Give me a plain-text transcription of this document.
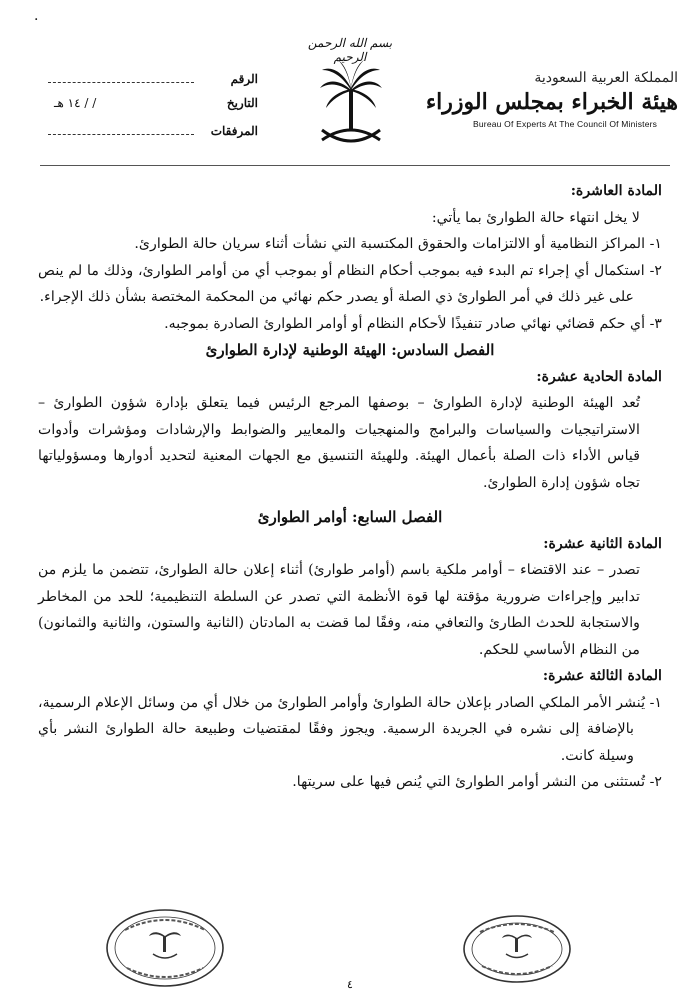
·
المملكة العربية السعودية
هيئة الخبراء بمجلس الوزراء
Bureau Of Experts At The Council Of Ministers
بسم الله الرحمن الرحيم
الرقم
التاريخ
١٤ هـ / /
المرفقات

المادة العاشرة:

لا يخل انتهاء حالة الطوارئ بما يأتي:

١- المراكز النظامية أو الالتزامات والحقوق المكتسبة التي نشأت أثناء سريان حالة الطوارئ.

٢- استكمال أي إجراء تم البدء فيه بموجب أحكام النظام أو بموجب أي من أوامر الطوارئ، وذلك ما لم ينص على غير ذلك في أمر الطوارئ ذي الصلة أو يصدر حكم نهائي من المحكمة المختصة بشأن ذلك الإجراء.

٣- أي حكم قضائي نهائي صادر تنفيذًا لأحكام النظام أو أوامر الطوارئ الصادرة بموجبه.

الفصل السادس: الهيئة الوطنية لإدارة الطوارئ

المادة الحادية عشرة:

تُعد الهيئة الوطنية لإدارة الطوارئ – بوصفها المرجع الرئيس فيما يتعلق بإدارة شؤون الطوارئ – الاستراتيجيات والسياسات والبرامج والمنهجيات والمعايير والضوابط والإرشادات ومؤشرات وأدوات قياس الأداء ذات الصلة بأعمال الهيئة. وللهيئة التنسيق مع الجهات المعنية لتحديد أدوارها ومسؤولياتها تجاه شؤون إدارة الطوارئ.

الفصل السابع: أوامر الطوارئ

المادة الثانية عشرة:

تصدر – عند الاقتضاء – أوامر ملكية باسم (أوامر طوارئ) أثناء إعلان حالة الطوارئ، تتضمن ما يلزم من تدابير وإجراءات ضرورية مؤقتة لها قوة الأنظمة التي تصدر عن السلطة التنظيمية؛ للحد من المخاطر والاستجابة للحدث الطارئ والتعافي منه، وفقًا لما قضت به المادتان (الثانية والستون، والثانية والثمانون) من النظام الأساسي للحكم.

المادة الثالثة عشرة:

١- يُنشر الأمر الملكي الصادر بإعلان حالة الطوارئ وأوامر الطوارئ من خلال أي من وسائل الإعلام الرسمية، بالإضافة إلى نشره في الجريدة الرسمية. ويجوز وفقًا لمقتضيات وطبيعة حالة الطوارئ النشر بأي وسيلة كانت.

٢- تُستثنى من النشر أوامر الطوارئ التي يُنص فيها على سريتها.

٤
